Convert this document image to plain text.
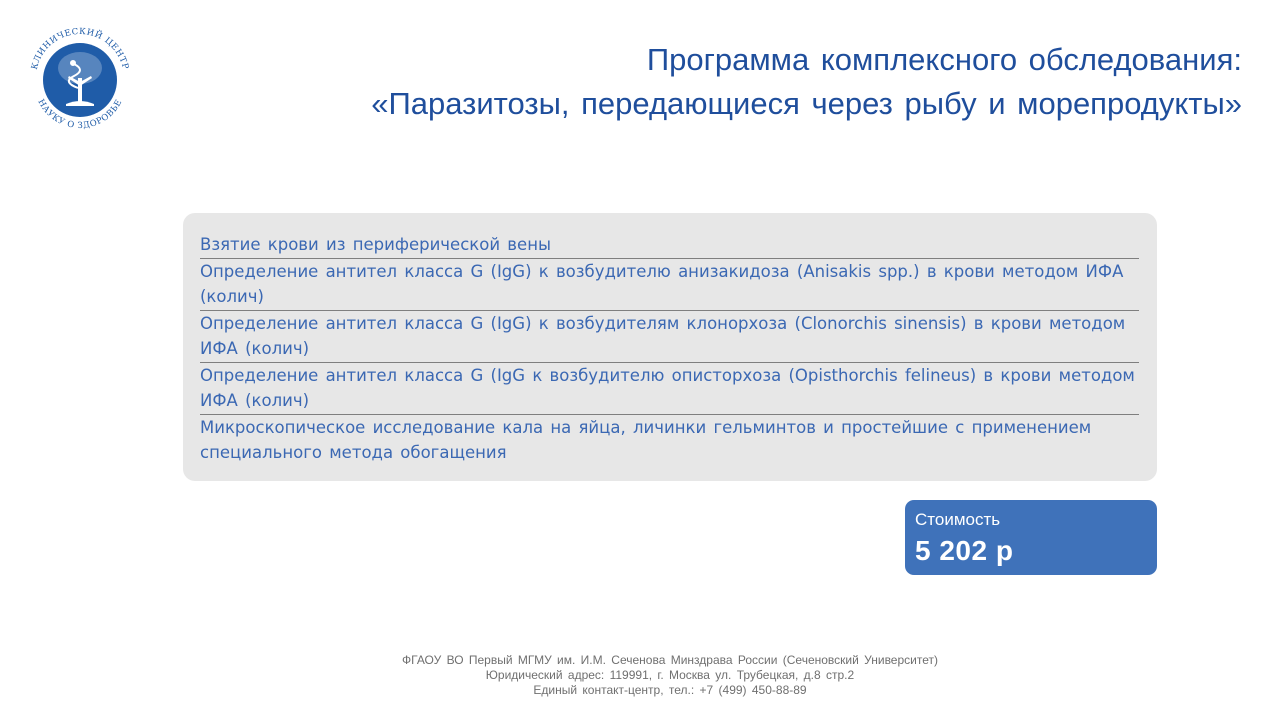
КЛИНИЧЕСКИЙ ЦЕНТР
НАУКУ О ЗДОРОВЬЕ
Программа комплексного обследования:
«Паразитозы, передающиеся через рыбу и морепродукты»
Взятие крови из периферической вены
Определение антител класса G (IgG) к возбудителю анизакидоза (Anisakis spp.) в крови методом ИФА (колич)
Определение антител класса G (IgG) к возбудителям клонорхоза (Clonorchis sinensis) в крови методом ИФА (колич)
Определение антител класса G (IgG к возбудителю описторхоза (Opisthorchis felineus) в крови методом ИФА (колич)
Микроскопическое исследование кала на яйца, личинки гельминтов и простейшие с применением специального метода обогащения
Стоимость
5 202 р
ФГАОУ ВО Первый МГМУ им. И.М. Сеченова Минздрава России (Сеченовский Университет)
Юридический адрес: 119991, г. Москва ул. Трубецкая, д.8 стр.2
Единый контакт-центр, тел.: +7 (499) 450-88-89
